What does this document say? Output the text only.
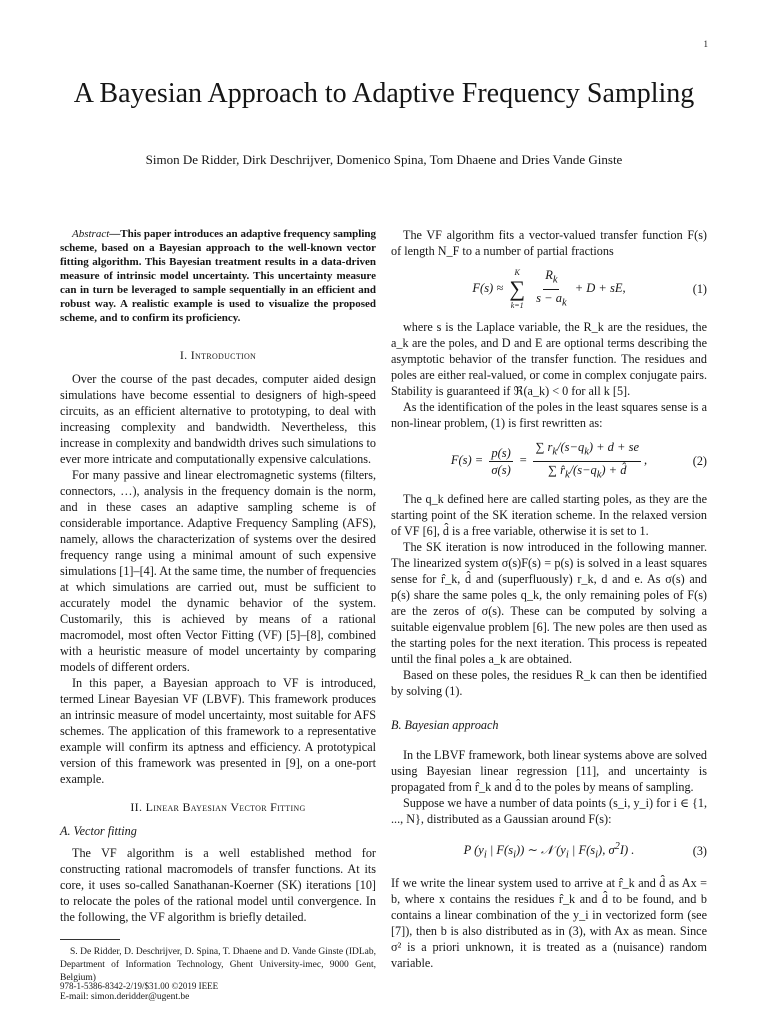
1
A Bayesian Approach to Adaptive Frequency Sampling
Simon De Ridder, Dirk Deschrijver, Domenico Spina, Tom Dhaene and Dries Vande Ginste
Abstract—This paper introduces an adaptive frequency sampling scheme, based on a Bayesian approach to the well-known vector fitting algorithm. This Bayesian treatment results in a data-driven measure of intrinsic model uncertainty. This uncertainty measure can in turn be leveraged to sample sequentially in an efficient and robust way. A realistic example is used to visualize the proposed scheme, and to confirm its proficiency.
I. Introduction

Over the course of the past decades, computer aided design simulations have become essential to designers of high-speed circuits, as an efficient alternative to prototyping, to deal with increasing complexity and bandwidth. Nevertheless, this increase in complexity and bandwidth drives such simulations to ever more intricate and computationally expensive calculations.

For many passive and linear electromagnetic systems (filters, connectors, …), analysis in the frequency domain is the norm, and in these cases an adaptive sampling scheme is of considerable importance. Adaptive Frequency Sampling (AFS), namely, allows the characterization of systems over the desired frequency range using a minimal amount of such expensive simulations [1]–[4]. At the same time, the number of frequencies at which simulations are carried out, must be sufficient to accurately model the dynamic behavior of the system. Customarily, this is achieved by means of a rational macromodel, most often Vector Fitting (VF) [5]–[8], combined with a heuristic measure of model uncertainty by comparing models of different orders.

In this paper, a Bayesian approach to VF is introduced, termed Linear Bayesian VF (LBVF). This framework produces an intrinsic measure of model uncertainty, most suitable for AFS schemes. The application of this framework to a representative example will confirm its aptness and efficiency. A prototypical version of this framework was presented in [9], on a one-port example.

II. Linear Bayesian Vector Fitting
A. Vector fitting

The VF algorithm is a well established method for constructing rational macromodels of transfer functions. At its core, it uses so-called Sanathanan-Koerner (SK) iterations [10] to relocate the poles of the rational model until convergence. In the following, the VF algorithm is briefly detailed.

S. De Ridder, D. Deschrijver, D. Spina, T. Dhaene and D. Vande Ginste (IDLab, Department of Information Technology, Ghent University-imec, 9000 Gent, Belgium)
E-mail: simon.deridder@ugent.be

The VF algorithm fits a vector-valued transfer function F(s) of length N_F to a number of partial fractions

F(s) ≈
K
∑
k=1
$\frac{R_k}{s - a_k} + D$ + sE,	(1)

where s is the Laplace variable, the R_k are the residues, the a_k are the poles, and D and E are optional terms describing the asymptotic behavior of the transfer function. The residues and poles are either real-valued, or come in complex conjugate pairs. Stability is guaranteed if ℜ(a_k) < 0 for all k [5].

As the identification of the poles in the least squares sense is a non-linear problem, (1) is first rewritten as:

$F(s) = \frac{p(s)}{\sigma(s)} = \frac{\sum r_k/(s-q_k) + d + se}{\sum r̂_k/(s-q_k) + d̂}$ ,	(2)

The q_k defined here are called starting poles, as they are the starting point of the SK iteration scheme. In the relaxed version of VF [6], d̂ is a free variable, otherwise it is set to 1.

The SK iteration is now introduced in the following manner. The linearized system σ(s)F(s) = p(s) is solved in a least squares sense for r̂_k, d̂ and (superfluously) r_k, d and e. As σ(s) and p(s) share the same poles q_k, the only remaining poles of F(s) are the zeros of σ(s). These can be computed by solving a suitable eigenvalue problem [6]. The new poles are then used as the starting poles for the next iteration. This process is repeated until the final poles a_k are obtained.

Based on these poles, the residues R_k can then be identified by solving (1).

B. Bayesian approach

In the LBVF framework, both linear systems above are solved using Bayesian linear regression [11], and uncertainty is propagated from r̂_k and d̂ to the poles by means of sampling.

Suppose we have a number of data points (s_i, y_i) for i ∈ {1, ..., N}, distributed as a Gaussian around F(s):

P ($y_i$ | $F(s_i)$) ∼ 𝒩 ($y_i$ | $F(s_i)$, $\sigma^2I$) .	(3)

If we write the linear system used to arrive at r̂_k and d̂ as Ax = b, where x contains the residues r̂_k and d̂ to be found, and b contains a linear combination of the y_i in vectorized form (see [7]), then b is also distributed as in (3), with Ax as mean. Since σ² is a priori unknown, it is treated as a (nuisance) random variable.

978-1-5386-8342-2/19/$31.00 ©2019 IEEE
